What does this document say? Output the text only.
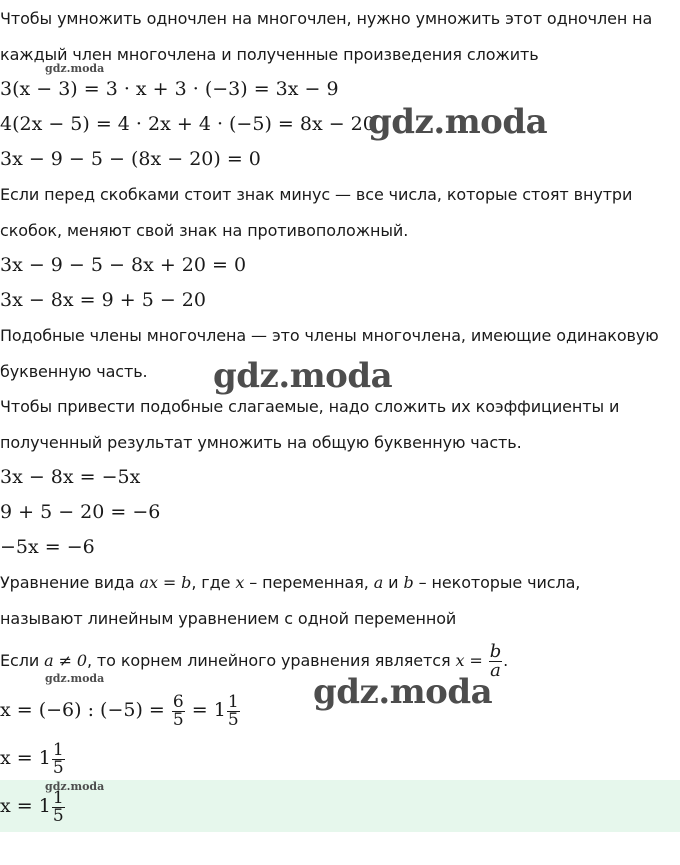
Чтобы умножить одночлен на многочлен, нужно умножить этот одночлен на
каждый член многочлена и полученные произведения сложить
3(x − 3) = 3 · x + 3 · (−3) = 3x − 9
4(2x − 5) = 4 · 2x + 4 · (−5) = 8x − 20
3x − 9 − 5 − (8x − 20) = 0
Если перед скобками стоит знак минус — все числа, которые стоят внутри
скобок, меняют свой знак на противоположный.
3x − 9 − 5 − 8x + 20 = 0
3x − 8x = 9 + 5 − 20
Подобные члены многочлена — это члены многочлена, имеющие одинаковую
буквенную часть.
Чтобы привести подобные слагаемые, надо сложить их коэффициенты и
полученный результат умножить на общую буквенную часть.
3x − 8x = −5x
9 + 5 − 20 = −6
−5x = −6
Уравнение вида ax = b, где x – переменная, a и b – некоторые числа,
называют линейным уравнением с одной переменной
Если a ≠ 0, то корнем линейного уравнения является $x = \frac{b}{a}$ .
x = (−6) : $(-5) = \frac{6}{5} = 1 \frac{1}{5}$
$x = 1 \frac{1}{5}$
$x = 1 \frac{1}{5}$
gdz.moda
gdz.moda
gdz.moda
gdz.moda
gdz.moda
gdz.moda
